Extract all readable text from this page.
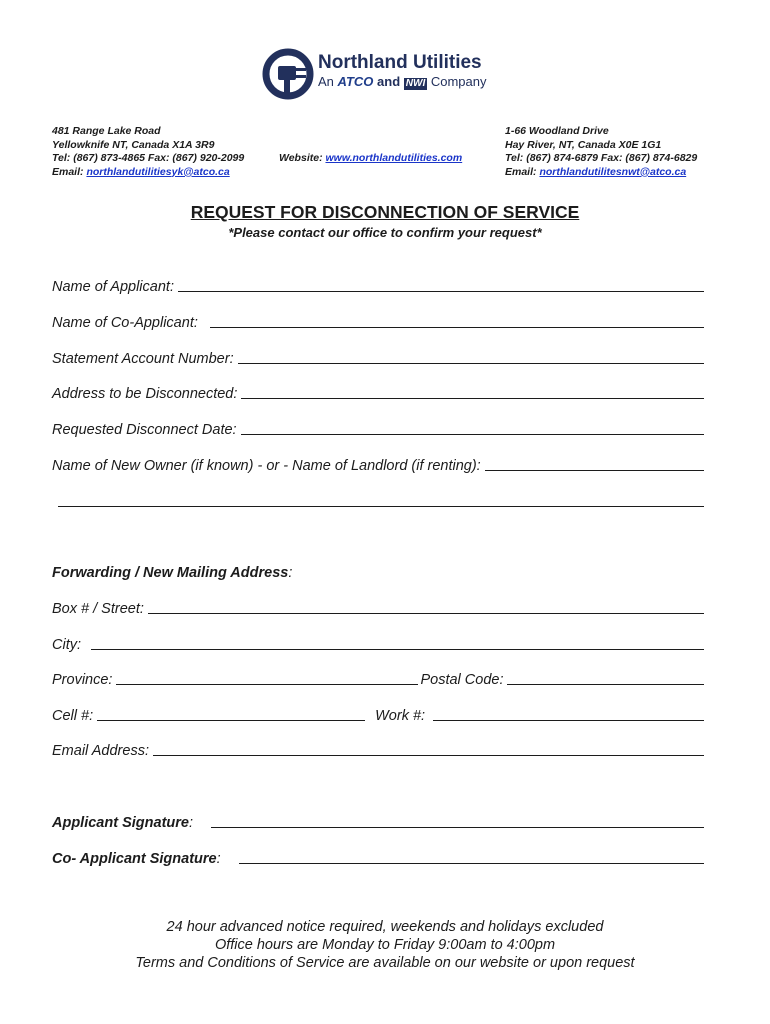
Northland Utilities
An ATCO and NWI Company
481 Range Lake Road
Yellowknife NT, Canada X1A 3R9
Tel: (867) 873-4865 Fax: (867) 920-2099
Email: northlandutilitiesyk@atco.ca
Website: www.northlandutilities.com
1-66 Woodland Drive
Hay River, NT, Canada X0E 1G1
Tel: (867) 874-6879 Fax: (867) 874-6829
Email: northlandutilitesnwt@atco.ca
REQUEST FOR DISCONNECTION OF SERVICE
*Please contact our office to confirm your request*
Name of Applicant:
Name of Co-Applicant:
Statement Account Number:
Address to be Disconnected:
Requested Disconnect Date:
Name of New Owner (if known) - or - Name of Landlord (if renting):
Forwarding / New Mailing Address :
Box # / Street:
City:
Province:	Postal Code:
Cell #:	Work #:
Email Address:
Applicant Signature :
Co- Applicant Signature :
24 hour advanced notice required, weekends and holidays excluded
Office hours are Monday to Friday 9:00am to 4:00pm
Terms and Conditions of Service are available on our website or upon request
